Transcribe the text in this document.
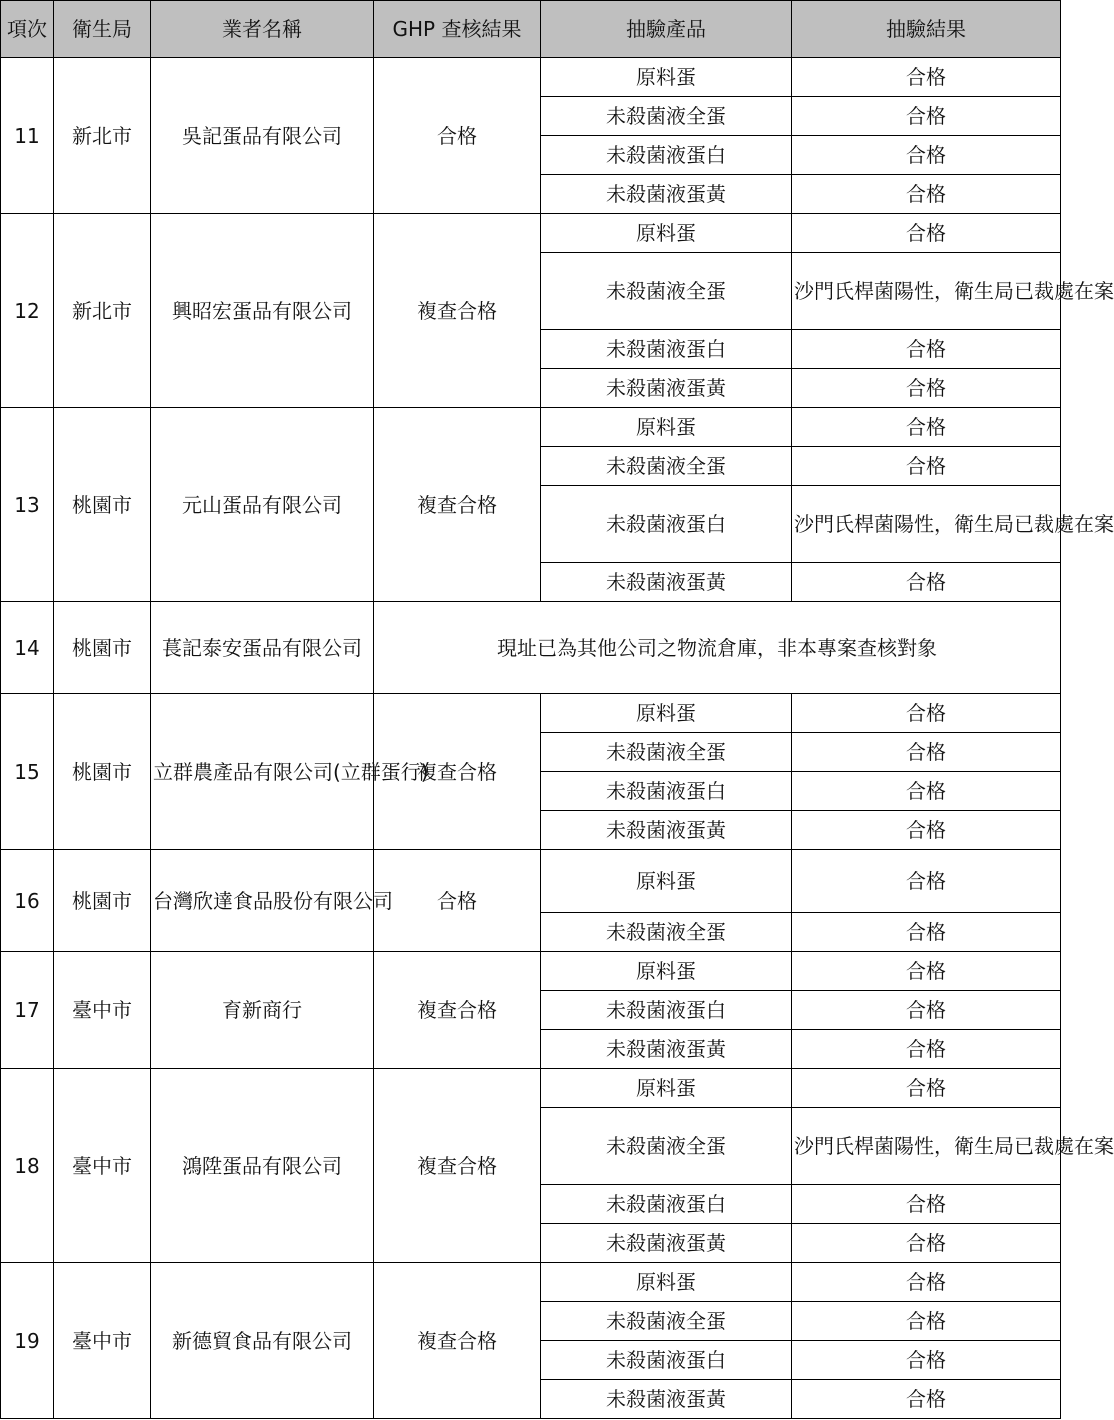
項次	衛生局	業者名稱	GHP 查核結果	抽驗產品	抽驗結果
11	新北市	吳記蛋品有限公司	合格	原料蛋	合格
				未殺菌液全蛋	合格
				未殺菌液蛋白	合格
				未殺菌液蛋黃	合格
12	新北市	興昭宏蛋品有限公司	複查合格	原料蛋	合格
				未殺菌液全蛋	沙門氏桿菌陽性，衛生局已裁處在案
				未殺菌液蛋白	合格
				未殺菌液蛋黃	合格
13	桃園市	元山蛋品有限公司	複查合格	原料蛋	合格
				未殺菌液全蛋	合格
				未殺菌液蛋白	沙門氏桿菌陽性，衛生局已裁處在案
				未殺菌液蛋黃	合格
14	桃園市	萇記泰安蛋品有限公司	現址已為其他公司之物流倉庫，非本專案查核對象		
15	桃園市	立群農產品有限公司(立群蛋行)	複查合格	原料蛋	合格
				未殺菌液全蛋	合格
				未殺菌液蛋白	合格
				未殺菌液蛋黃	合格
16	桃園市	台灣欣達食品股份有限公司	合格	原料蛋	合格
				未殺菌液全蛋	合格
17	臺中市	育新商行	複查合格	原料蛋	合格
				未殺菌液蛋白	合格
				未殺菌液蛋黃	合格
18	臺中市	鴻陞蛋品有限公司	複查合格	原料蛋	合格
				未殺菌液全蛋	沙門氏桿菌陽性，衛生局已裁處在案
				未殺菌液蛋白	合格
				未殺菌液蛋黃	合格
19	臺中市	新德貿食品有限公司	複查合格	原料蛋	合格
				未殺菌液全蛋	合格
				未殺菌液蛋白	合格
				未殺菌液蛋黃	合格
